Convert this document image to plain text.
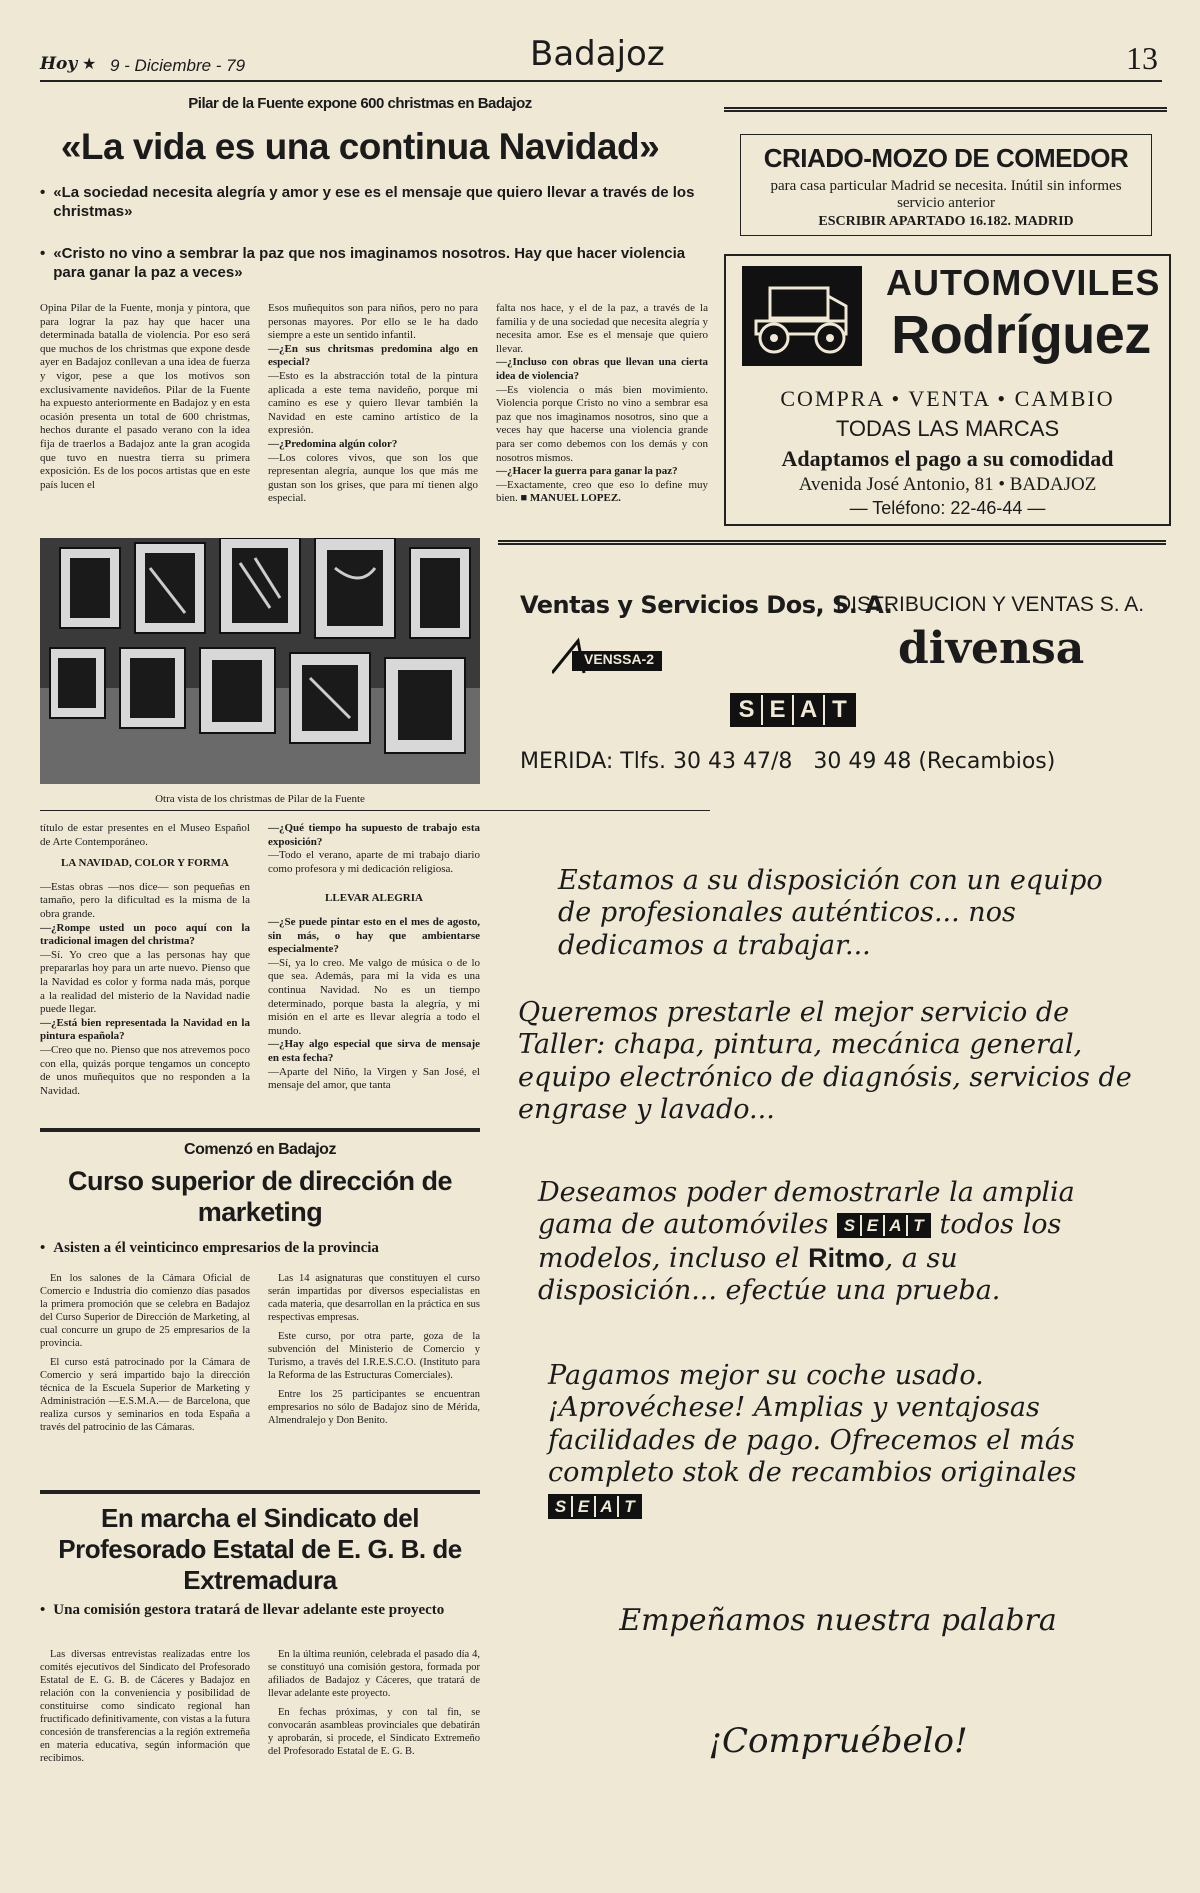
Hoy ★ 9 - Diciembre - 79	Badajoz	13
Pilar de la Fuente expone 600 christmas en Badajoz
«La vida es una continua Navidad»
• «La sociedad necesita alegría y amor y ese es el mensaje que quiero llevar a través de los christmas»
• «Cristo no vino a sembrar la paz que nos imaginamos nosotros. Hay que hacer violencia para ganar la paz a veces»

Opina Pilar de la Fuente, monja y pintora, que para lograr la paz hay que hacer una determinada batalla de violencia. Por eso será que muchos de los christmas que expone desde ayer en Badajoz conllevan a una idea de fuerza y vigor, pese a que los motivos son exclusivamente navideños. Pilar de la Fuente ha expuesto anteriormente en Badajoz y en esta ocasión presenta un total de 600 christmas, hechos durante el pasado verano con la idea fija de traerlos a Badajoz ante la gran acogida que tuvo en nuestra tierra su primera exposición. Es de los pocos artistas que en este país lucen el

Esos muñequitos son para niños, pero no para personas mayores. Por ello se le ha dado siempre a este un sentido infantil.

—¿En sus chritsmas predomina algo en especial?

—Esto es la abstracción total de la pintura aplicada a este tema navideño, porque mi camino es ese y quiero llevar también la Navidad en este camino artístico de la expresión.

—¿Predomina algún color?

—Los colores vivos, que son los que representan alegría, aunque los que más me gustan son los grises, que para mí tienen algo especial.

falta nos hace, y el de la paz, a través de la familia y de una sociedad que necesita alegría y necesita amor. Ese es el mensaje que quiero llevar.

—¿Incluso con obras que llevan una cierta idea de violencia?

—Es violencia o más bien movimiento. Violencia porque Cristo no vino a sembrar esa paz que nos imaginamos nosotros, sino que a veces hay que hacerse una violencia grande para ser como debemos con los demás y con nosotros mismos.

—¿Hacer la guerra para ganar la paz?

—Exactamente, creo que eso lo define muy bien. ■ MANUEL LOPEZ.

Otra vista de los christmas de Pilar de la Fuente

título de estar presentes en el Museo Español de Arte Contemporáneo.

LA NAVIDAD, COLOR Y FORMA

—Estas obras —nos dice— son pequeñas en tamaño, pero la dificultad es la misma de la obra grande.

—¿Rompe usted un poco aquí con la tradicional imagen del christma?

—Sí. Yo creo que a las personas hay que prepararlas hoy para un arte nuevo. Pienso que la Navidad es color y forma nada más, porque a la realidad del misterio de la Navidad nadie puede llegar.

—¿Está bien representada la Navidad en la pintura española?

—Creo que no. Pienso que nos atrevemos poco con ella, quizás porque tengamos un concepto de unos muñequitos que no responden a la Navidad.

—¿Qué tiempo ha supuesto de trabajo esta exposición?

—Todo el verano, aparte de mi trabajo diario como profesora y mi dedicación religiosa.

LLEVAR ALEGRIA

—¿Se puede pintar esto en el mes de agosto, sin más, o hay que ambientarse especialmente?

—Sí, ya lo creo. Me valgo de música o de lo que sea. Además, para mí la vida es una continua Navidad. No es un tiempo determinado, porque basta la alegría, y mi misión en el arte es llevar alegría a todo el mundo.

—¿Hay algo especial que sirva de mensaje en esta fecha?

—Aparte del Niño, la Virgen y San José, el mensaje del amor, que tanta

Comenzó en Badajoz
Curso superior de dirección de marketing
• Asisten a él veinticinco empresarios de la provincia

En los salones de la Cámara Oficial de Comercio e Industria dio comienzo días pasados la primera promoción que se celebra en Badajoz del Curso Superior de Dirección de Marketing, al cual concurre un grupo de 25 empresarios de la provincia.

El curso está patrocinado por la Cámara de Comercio y será impartido bajo la dirección técnica de la Escuela Superior de Marketing y Administración —E.S.M.A.— de Barcelona, que realiza cursos y seminarios en toda España a través del patrocinio de las Cámaras.

Las 14 asignaturas que constituyen el curso serán impartidas por diversos especialistas en cada materia, que desarrollan en la práctica en sus respectivas empresas.

Este curso, por otra parte, goza de la subvención del Ministerio de Comercio y Turismo, a través del I.R.E.S.C.O. (Instituto para la Reforma de las Estructuras Comerciales).

Entre los 25 participantes se encuentran empresarios no sólo de Badajoz sino de Mérida, Almendralejo y Don Benito.

En marcha el Sindicato del Profesorado Estatal de E. G. B. de Extremadura
• Una comisión gestora tratará de llevar adelante este proyecto

Las diversas entrevistas realizadas entre los comités ejecutivos del Sindicato del Profesorado Estatal de E. G. B. de Cáceres y Badajoz en relación con la conveniencia y posibilidad de constituirse como sindicato regional han fructificado definitivamente, con vistas a la futura concesión de transferencias a la región extremeña en materia educativa, según información que recibimos.

En la última reunión, celebrada el pasado día 4, se constituyó una comisión gestora, formada por afiliados de Badajoz y Cáceres, que tratará de llevar adelante este proyecto.

En fechas próximas, y con tal fin, se convocarán asambleas provinciales que debatirán y aprobarán, si procede, el Sindicato Extremeño del Profesorado Estatal de E. G. B.

CRIADO-MOZO DE COMEDOR
para casa particular Madrid se necesita. Inútil sin informes servicio anterior
ESCRIBIR APARTADO 16.182. MADRID
AUTOMOVILES
Rodríguez
COMPRA • VENTA • CAMBIO
TODAS LAS MARCAS
Adaptamos el pago a su comodidad
Avenida José Antonio, 81 • BADAJOZ
— Teléfono: 22-46-44 —
Ventas y Servicios Dos, S. A.
VENSSA-2
DISTRIBUCION Y VENTAS S. A.
divensa
S E A T
MERIDA: Tlfs. 30 43 47/8   30 49 48 (Recambios)
Estamos a su disposición con un equipo de profesionales auténticos... nos dedicamos a trabajar...
Queremos prestarle el mejor servicio de Taller: chapa, pintura, mecánica general, equipo electrónico de diagnósis, servicios de engrase y lavado...
Deseamos poder demostrarle la amplia gama de automóviles S E A T todos los modelos, incluso el Ritmo, a su disposición... efectúe una prueba.
Pagamos mejor su coche usado. ¡Aprovéchese! Amplias y ventajosas facilidades de pago. Ofrecemos el más completo stok de recambios originales
S E A T
Empeñamos nuestra palabra
¡Compruébelo!
